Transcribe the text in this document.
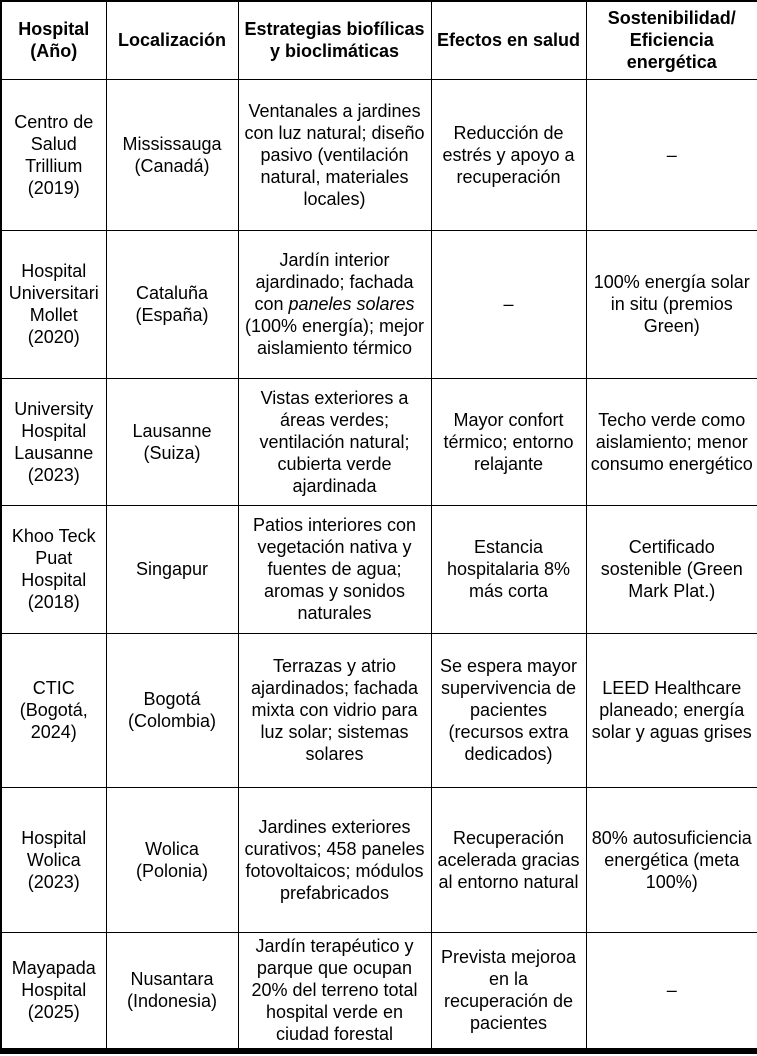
Hospital (Año)	Localización	Estrategias biofílicas y bioclimáticas	Efectos en salud	Sostenibilidad/ Eficiencia energética
Centro de Salud Trillium (2019)	Mississauga (Canadá)	Ventanales a jardines con luz natural; diseño pasivo (ventilación natural, materiales locales)	Reducción de estrés y apoyo a recuperación	–
Hospital Universitari Mollet (2020)	Cataluña (España)	Jardín interior ajardinado; fachada con paneles solares (100% energía); mejor aislamiento térmico	–	100% energía solar in situ (premios Green)
University Hospital Lausanne (2023)	Lausanne (Suiza)	Vistas exteriores a áreas verdes; ventilación natural; cubierta verde ajardinada	Mayor confort térmico; entorno relajante	Techo verde como aislamiento; menor consumo energético
Khoo Teck Puat Hospital (2018)	Singapur	Patios interiores con vegetación nativa y fuentes de agua; aromas y sonidos naturales	Estancia hospitalaria 8% más corta	Certificado sostenible (Green Mark Plat.)
CTIC (Bogotá, 2024)	Bogotá (Colombia)	Terrazas y atrio ajardinados; fachada mixta con vidrio para luz solar; sistemas solares	Se espera mayor supervivencia de pacientes (recursos extra dedicados)	LEED Healthcare planeado; energía solar y aguas grises
Hospital Wolica (2023)	Wolica (Polonia)	Jardines exteriores curativos; 458 paneles fotovoltaicos; módulos prefabricados	Recuperación acelerada gracias al entorno natural	80% autosuficiencia energética (meta 100%)
Mayapada Hospital (2025)	Nusantara (Indonesia)	Jardín terapéutico y parque que ocupan 20% del terreno total hospital verde en ciudad forestal	Prevista mejoroa en la recuperación de pacientes	–
